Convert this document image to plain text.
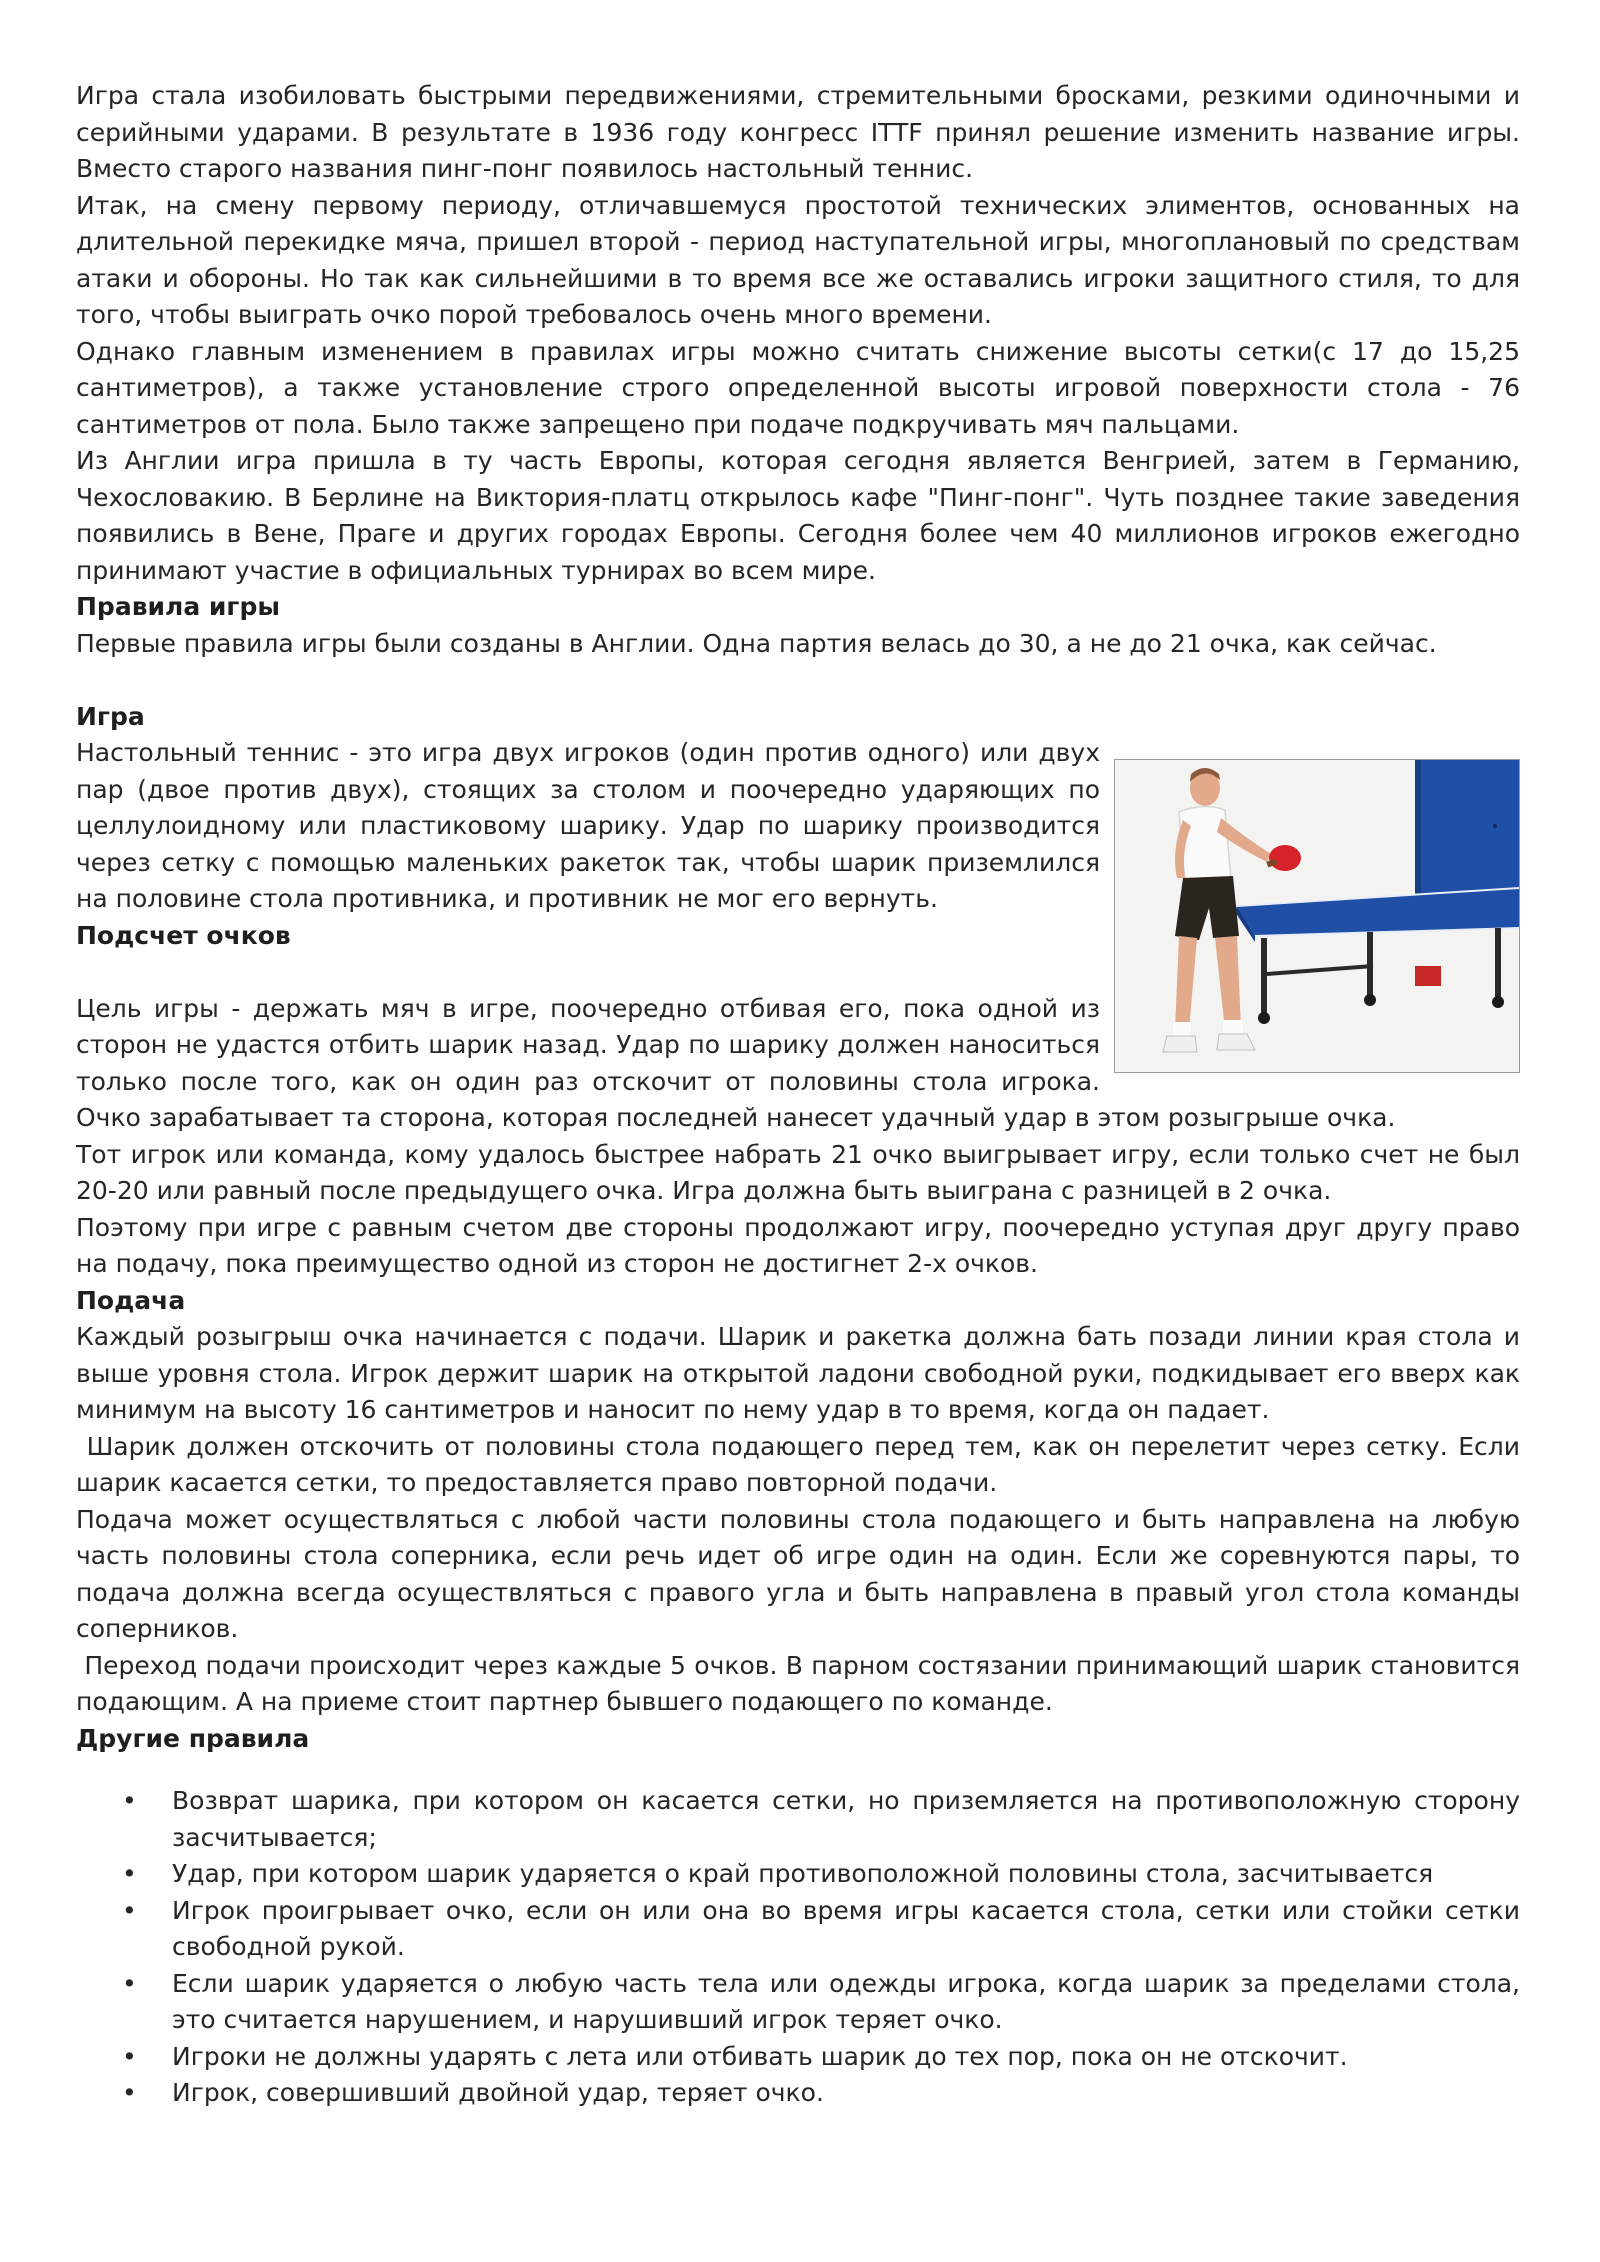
Игра стала изобиловать быстрыми передвижениями, стремительными бросками, резкими одиночными и серийными ударами. В результате в 1936 году конгресс ITTF принял решение изменить название игры. Вместо старого названия пинг-понг появилось настольный теннис.

Итак, на смену первому периоду, отличавшемуся простотой технических элиментов, основанных на длительной перекидке мяча, пришел второй - период наступательной игры, многоплановый по средствам атаки и обороны. Но так как сильнейшими в то время все же оставались игроки защитного стиля, то для того, чтобы выиграть очко порой требовалось очень много времени.

Однако главным изменением в правилах игры можно считать снижение высоты сетки(с 17 до 15,25 сантиметров), а также установление строго определенной высоты игровой поверхности стола - 76 сантиметров от пола. Было также запрещено при подаче подкручивать мяч пальцами.

Из Англии игра пришла в ту часть Европы, которая сегодня является Венгрией, затем в Германию, Чехословакию. В Берлине на Виктория-платц открылось кафе "Пинг-понг". Чуть позднее такие заведения появились в Вене, Праге и других городах Европы. Сегодня более чем 40 миллионов игроков ежегодно принимают участие в официальных турнирах во всем мире.

Правила игры

Первые правила игры были созданы в Англии. Одна партия велась до 30, а не до 21 очка, как сейчас.

Игра

Настольный теннис - это игра двух игроков (один против одного) или двух пар (двое против двух), стоящих за столом и поочередно ударяющих по целлулоидному или пластиковому шарику. Удар по шарику производится через сетку с помощью маленьких ракеток так, чтобы шарик приземлился на половине стола противника, и противник не мог его вернуть.

Подсчет очков

Цель игры - держать мяч в игре, поочередно отбивая его, пока одной из сторон не удастся отбить шарик назад. Удар по шарику должен наноситься только после того, как он один раз отскочит от половины стола игрока. Очко зарабатывает та сторона, которая последней нанесет удачный удар в этом розыгрыше очка.

Тот игрок или команда, кому удалось быстрее набрать 21 очко выигрывает игру, если только счет не был 20-20 или равный после предыдущего очка. Игра должна быть выиграна с разницей в 2 очка.

Поэтому при игре с равным счетом две стороны продолжают игру, поочередно уступая друг другу право на подачу, пока преимущество одной из сторон не достигнет 2-х очков.

Подача

Каждый розыгрыш очка начинается с подачи. Шарик и ракетка должна бать позади линии края стола и выше уровня стола. Игрок держит шарик на открытой ладони свободной руки, подкидывает его вверх как минимум на высоту 16 сантиметров и наносит по нему удар в то время, когда он падает.

Шарик должен отскочить от половины стола подающего перед тем, как он перелетит через сетку. Если шарик касается сетки, то предоставляется право повторной подачи.

Подача может осуществляться с любой части половины стола подающего и быть направлена на любую часть половины стола соперника, если речь идет об игре один на один. Если же соревнуются пары, то подача должна всегда осуществляться с правого угла и быть направлена в правый угол стола команды соперников.

Переход подачи происходит через каждые 5 очков. В парном состязании принимающий шарик становится подающим. А на приеме стоит партнер бывшего подающего по команде.

Другие правила

• Возврат шарика, при котором он касается сетки, но приземляется на противоположную сторону засчитывается;
• Удар, при котором шарик ударяется о край противоположной половины стола, засчитывается
• Игрок проигрывает очко, если он или она во время игры касается стола, сетки или стойки сетки свободной рукой.
• Если шарик ударяется о любую часть тела или одежды игрока, когда шарик за пределами стола, это считается нарушением, и нарушивший игрок теряет очко.
• Игроки не должны ударять с лета или отбивать шарик до тех пор, пока он не отскочит.
• Игрок, совершивший двойной удар, теряет очко.
